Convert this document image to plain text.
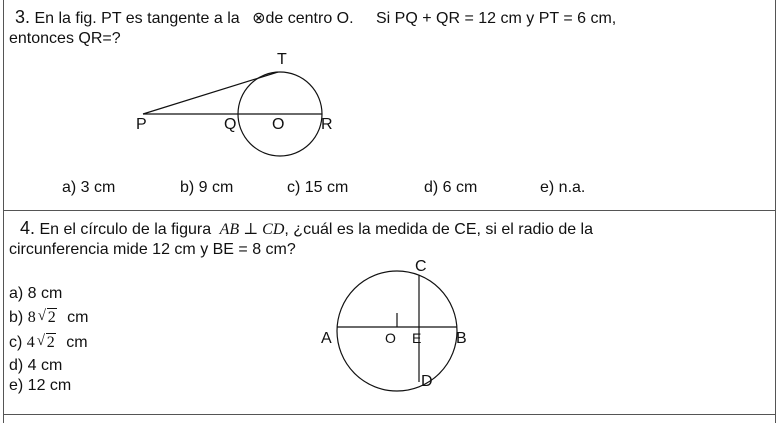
3. En la fig. PT es tangente a la ⊗de centro O. Si PQ + QR = 12 cm y PT = 6 cm,
entonces QR=?
T
P	Q O R
a) 3 cm	b) 9 cm	c) 15 cm	d) 6 cm	e) n.a.
4. En el círculo de la figura AB ⊥ CD, ¿cuál es la medida de CE, si el radio de la
circunferencia mide 12 cm y BE = 8 cm?
C
A	O E B
D
a) 8 cm
b) 8 √ 2 cm
c) 4 √ 2 cm
d) 4 cm
e) 12 cm
